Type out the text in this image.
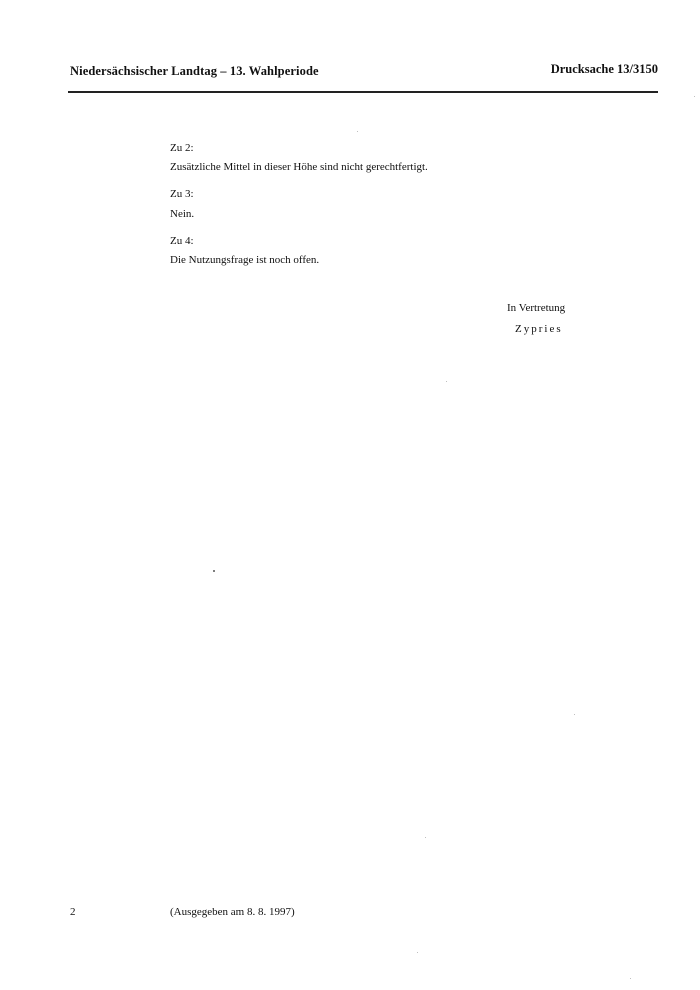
Niedersächsischer Landtag – 13. Wahlperiode	Drucksache 13/3150
Zu 2:
Zusätzliche Mittel in dieser Höhe sind nicht gerechtfertigt.
Zu 3:
Nein.
Zu 4:
Die Nutzungsfrage ist noch offen.
In Vertretung
Zypries
2	(Ausgegeben am 8. 8. 1997)
